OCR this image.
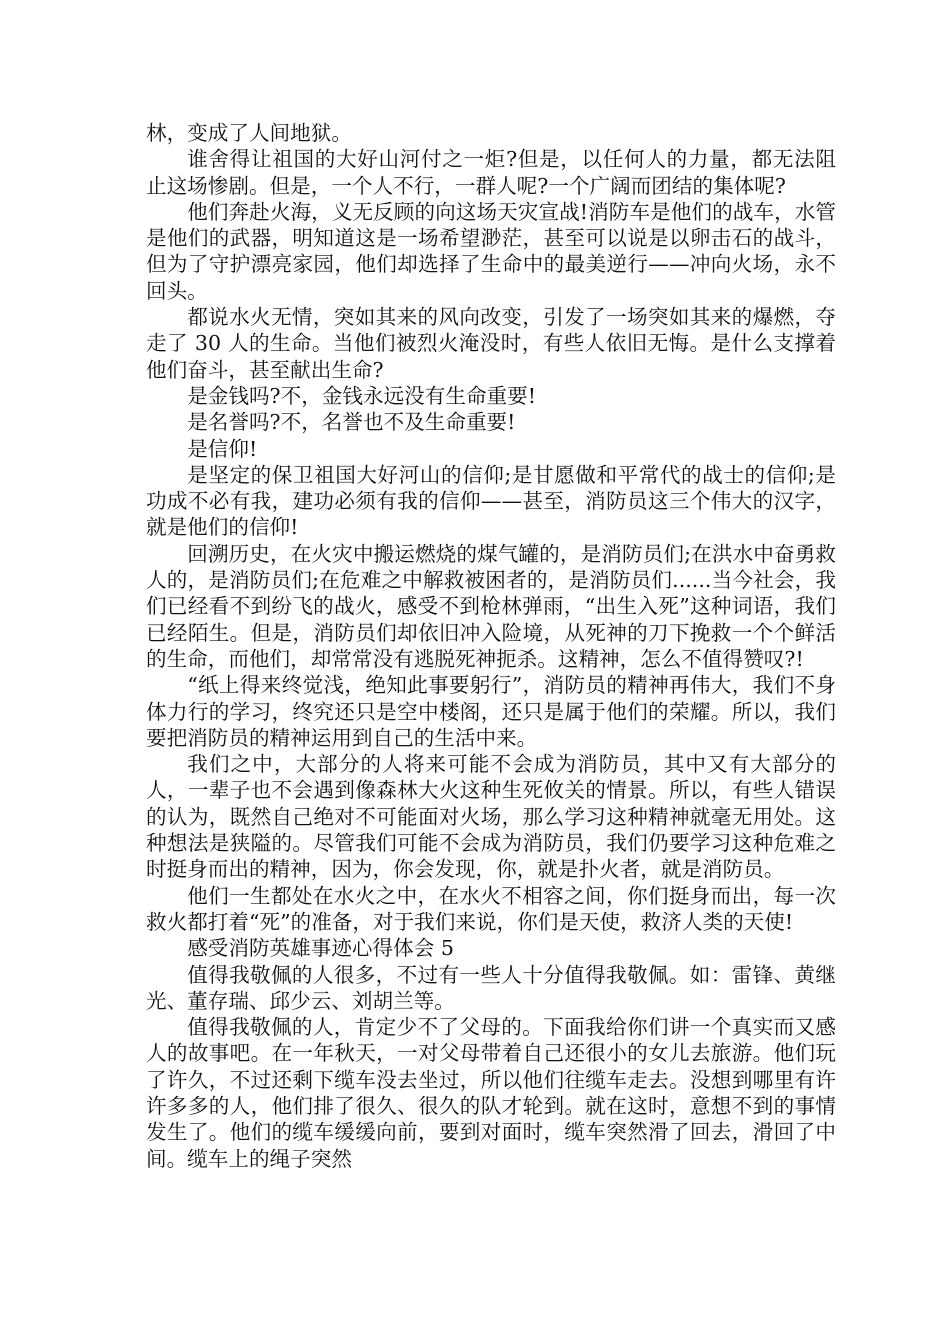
林，变成了人间地狱。

谁舍得让祖国的大好山河付之一炬?但是，以任何人的力量，都无法阻止这场惨剧。但是，一个人不行，一群人呢?一个广阔而团结的集体呢?

他们奔赴火海，义无反顾的向这场天灾宣战!消防车是他们的战车，水管是他们的武器，明知道这是一场希望渺茫，甚至可以说是以卵击石的战斗，但为了守护漂亮家园，他们却选择了生命中的最美逆行——冲向火场，永不回头。

都说水火无情，突如其来的风向改变，引发了一场突如其来的爆燃，夺走了 30 人的生命。当他们被烈火淹没时，有些人依旧无悔。是什么支撑着他们奋斗，甚至献出生命?

是金钱吗?不，金钱永远没有生命重要!

是名誉吗?不，名誉也不及生命重要!

是信仰!

是坚定的保卫祖国大好河山的信仰;是甘愿做和平常代的战士的信仰;是功成不必有我，建功必须有我的信仰——甚至，消防员这三个伟大的汉字，就是他们的信仰!

回溯历史，在火灾中搬运燃烧的煤气罐的，是消防员们;在洪水中奋勇救人的，是消防员们;在危难之中解救被困者的，是消防员们......当今社会，我们已经看不到纷飞的战火，感受不到枪林弹雨，“出生入死”这种词语，我们已经陌生。但是，消防员们却依旧冲入险境，从死神的刀下挽救一个个鲜活的生命，而他们，却常常没有逃脱死神扼杀。这精神，怎么不值得赞叹?!

“纸上得来终觉浅，绝知此事要躬行”，消防员的精神再伟大，我们不身体力行的学习，终究还只是空中楼阁，还只是属于他们的荣耀。所以，我们要把消防员的精神运用到自己的生活中来。

我们之中，大部分的人将来可能不会成为消防员，其中又有大部分的人，一辈子也不会遇到像森林大火这种生死攸关的情景。所以，有些人错误的认为，既然自己绝对不可能面对火场，那么学习这种精神就毫无用处。这种想法是狭隘的。尽管我们可能不会成为消防员，我们仍要学习这种危难之时挺身而出的精神，因为，你会发现，你，就是扑火者，就是消防员。

他们一生都处在水火之中，在水火不相容之间，你们挺身而出，每一次救火都打着“死”的准备，对于我们来说，你们是天使，救济人类的天使!

感受消防英雄事迹心得体会 5

值得我敬佩的人很多，不过有一些人十分值得我敬佩。如：雷锋、黄继光、董存瑞、邱少云、刘胡兰等。

值得我敬佩的人，肯定少不了父母的。下面我给你们讲一个真实而又感人的故事吧。在一年秋天，一对父母带着自己还很小的女儿去旅游。他们玩了许久，不过还剩下缆车没去坐过，所以他们往缆车走去。没想到哪里有许许多多的人，他们排了很久、很久的队才轮到。就在这时，意想不到的事情发生了。他们的缆车缓缓向前，要到对面时，缆车突然滑了回去，滑回了中间。缆车上的绳子突然
